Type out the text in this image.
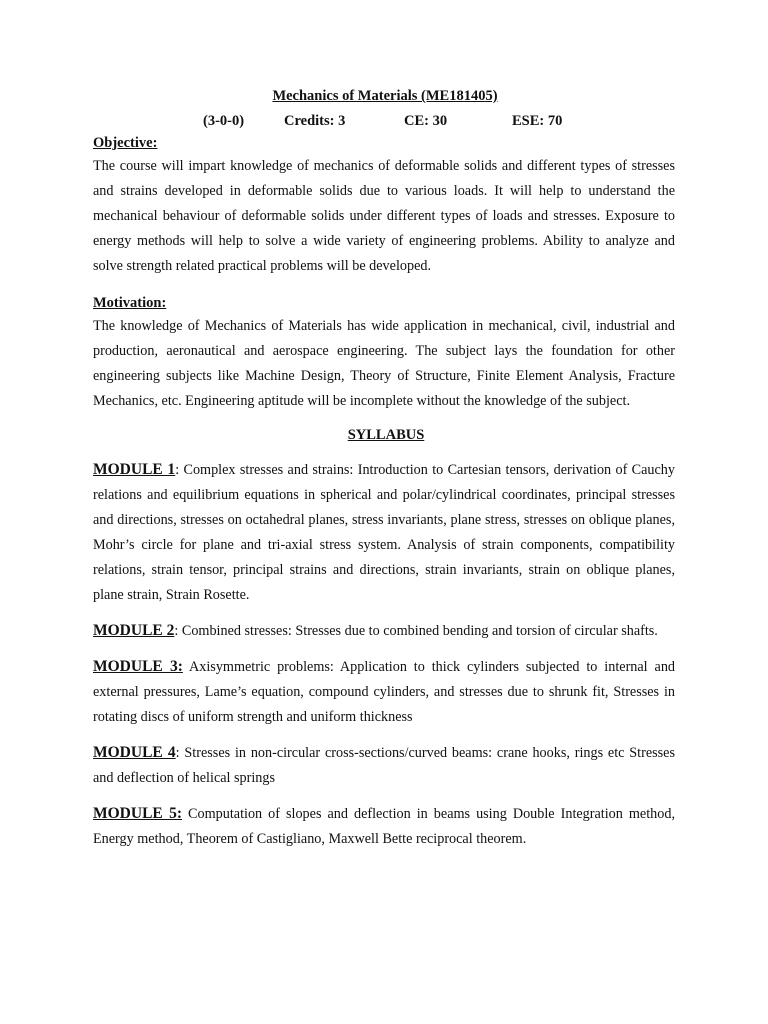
Mechanics of Materials (ME181405)

(3-0-0)	Credits: 3	CE: 30	ESE: 70

Objective:

The course will impart knowledge of mechanics of deformable solids and different types of stresses and strains developed in deformable solids due to various loads. It will help to understand the mechanical behaviour of deformable solids under different types of loads and stresses. Exposure to energy methods will help to solve a wide variety of engineering problems. Ability to analyze and solve strength related practical problems will be developed.

Motivation:

The knowledge of Mechanics of Materials has wide application in mechanical, civil, industrial and production, aeronautical and aerospace engineering. The subject lays the foundation for other engineering subjects like Machine Design, Theory of Structure, Finite Element Analysis, Fracture Mechanics, etc. Engineering aptitude will be incomplete without the knowledge of the subject.

SYLLABUS

MODULE 1: Complex stresses and strains: Introduction to Cartesian tensors, derivation of Cauchy relations and equilibrium equations in spherical and polar/cylindrical coordinates, principal stresses and directions, stresses on octahedral planes, stress invariants, plane stress, stresses on oblique planes, Mohr’s circle for plane and tri-axial stress system. Analysis of strain components, compatibility relations, strain tensor, principal strains and directions, strain invariants, strain on oblique planes, plane strain, Strain Rosette.

MODULE 2: Combined stresses: Stresses due to combined bending and torsion of circular shafts.

MODULE 3: Axisymmetric problems: Application to thick cylinders subjected to internal and external pressures, Lame’s equation, compound cylinders, and stresses due to shrunk fit, Stresses in rotating discs of uniform strength and uniform thickness

MODULE 4: Stresses in non-circular cross-sections/curved beams: crane hooks, rings etc Stresses and deflection of helical springs

MODULE 5: Computation of slopes and deflection in beams using Double Integration method, Energy method, Theorem of Castigliano, Maxwell Bette reciprocal theorem.
